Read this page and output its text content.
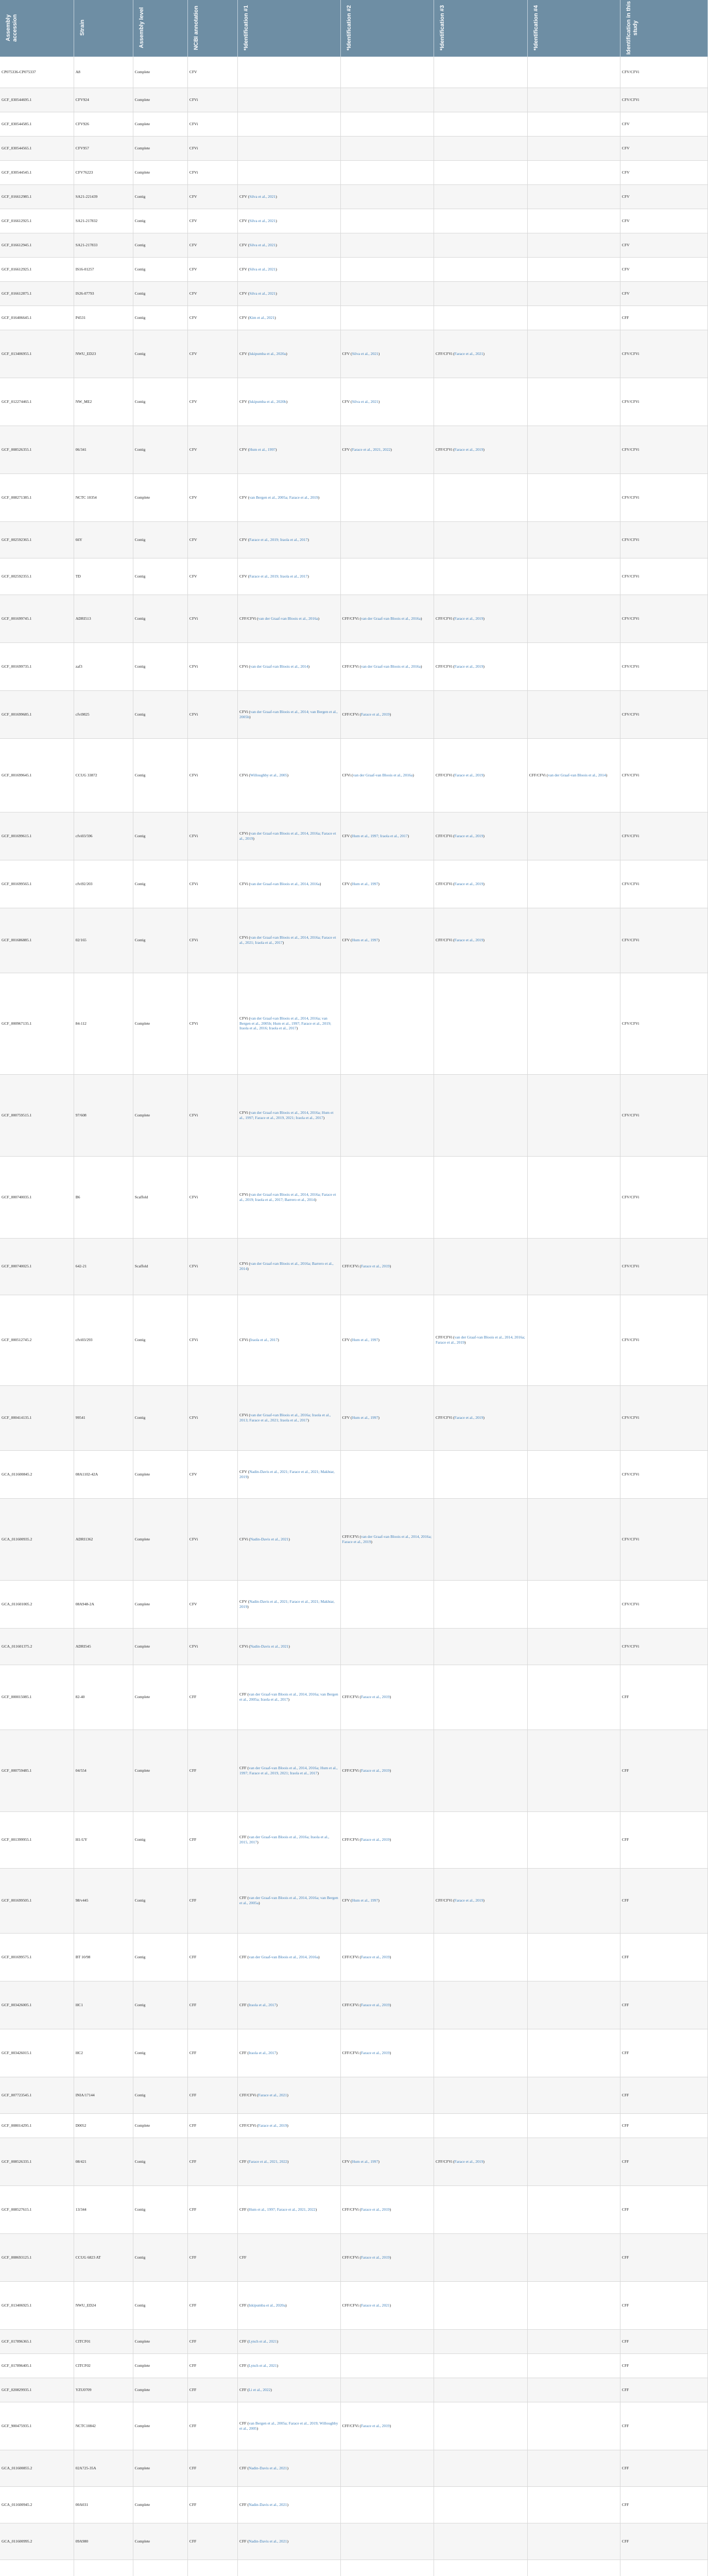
Assembly accession	Strain	Assembly level	NCBI annotation	*Identification #1	*Identification #2	*Identification #3	*Identification #4	Identification in this study

CP075336-CP075337	A8	Complete	CFV					CFV/CFVi
GCF_030544695.1	CFV924	Complete	CFVi					CFV/CFVi
GCF_030544585.1	CFV926	Complete	CFVi					CFV
GCF_030544565.1	CFV957	Complete	CFVi					CFV
GCF_030544545.1	CFV76223	Complete	CFVi					CFV
GCF_016612985.1	SA21-221439	Contig	CFV	CFV (Silva et al., 2021)				CFV
GCF_016612925.1	SA21-217832	Contig	CFV	CFV (Silva et al., 2021)				CFV
GCF_016612945.1	SA21-217833	Contig	CFV	CFV (Silva et al., 2021)				CFV
GCF_016612925.1	IS16-01257	Contig	CFV	CFV (Silva et al., 2021)				CFV
GCF_016612875.1	IS26-07793	Contig	CFV	CFV (Silva et al., 2021)				CFV
GCF_016406645.1	P4531	Contig	CFV	CFV (Kim et al., 2021)				CFF
GCF_013406955.1	NWU_ED23	Contig	CFV	CFV (Iskipumba et al., 2020a)	CFV (Silva et al., 2021)	CFF/CFVi (Farace et al., 2021)		CFV/CFVi
GCF_012274465.1	NW_ME2	Contig	CFV	CFV (Iskipumba et al., 2020b)	CFV (Silva et al., 2021)			CFV/CFVi
GCF_008526355.1	06/341	Contig	CFV	CFV (Hum et al., 1997)	CFV (Farace et al., 2021, 2022)	CFF/CFVi (Farace et al., 2019)		CFV/CFVi
GCF_008271385.1	NCTC 10354	Complete	CFV	CFV (van Bergen et al., 2005a; Farace et al., 2019)				CFV/CFVi
GCF_002592365.1	66Y	Contig	CFV	CFV (Farace et al., 2019; Iraola et al., 2017)				CFV/CFVi
GCF_002592355.1	TD	Contig	CFV	CFV (Farace et al., 2019; Iraola et al., 2017)				CFV/CFVi
GCF_001699745.1	ADRI513	Contig	CFVi	CFF/CFVi (van der Graaf-van Bloois et al., 2016a)	CFF/CFVi (van der Graaf-van Bloois et al., 2016a)	CFF/CFVi (Farace et al., 2019)		CFV/CFVi
GCF_001699735.1	zaf3	Contig	CFVi	CFVi (van der Graaf-van Bloois et al., 2014)	CFF/CFVi (van der Graaf-van Bloois et al., 2016a)	CFF/CFVi (Farace et al., 2019)		CFV/CFVi
GCF_001699685.1	cfvi9825	Contig	CFVi	CFVi (van der Graaf-van Bloois et al., 2014; van Bergen et al., 2005b)	CFF/CFVi (Farace et al., 2019)			CFV/CFVi
GCF_001699645.1	CCUG 33872	Contig	CFVi	CFVi (Willoughby et al., 2005)	CFVi (van der Graaf-van Bloois et al., 2016a)	CFF/CFVi (Farace et al., 2019)	CFF/CFVi (van der Graaf-van Bloois et al., 2014)	CFV/CFVi
GCF_001699615.1	cfvi03/596	Contig	CFVi	CFVi (van der Graaf-van Bloois et al., 2014, 2016a; Farace et al., 2019)	CFV (Hum et al., 1997; Iraola et al., 2017)	CFF/CFVi (Farace et al., 2019)		CFV/CFVi
GCF_001699565.1	cfvi92/203	Contig	CFVi	CFVi (van der Graaf-van Bloois et al., 2014, 2016a)	CFV (Hum et al., 1997)	CFF/CFVi (Farace et al., 2019)		CFV/CFVi
GCF_001686885.1	02/165	Contig	CFVi	CFVi (van der Graaf-van Bloois et al., 2014, 2016a; Farace et al., 2021; Iraola et al., 2017)	CFV (Hum et al., 1997)	CFF/CFVi (Farace et al., 2019)		CFV/CFVi
GCF_000967135.1	84-112	Complete	CFVi	CFVi (van der Graaf-van Bloois et al., 2014, 2016a; van Bergen et al., 2005b; Hum et al., 1997; Farace et al., 2019; Iraola et al., 2016; Iraola et al., 2017)				CFV/CFVi
GCF_000759515.1	97/608	Complete	CFVi	CFVi (van der Graaf-van Bloois et al., 2014, 2016a; Hum et al., 1997; Farace et al., 2019, 2021; Iraola et al., 2017)				CFV/CFVi
GCF_000740035.1	B6	Scaffold	CFVi	CFVi (van der Graaf-van Bloois et al., 2014, 2016a; Farace et al., 2019; Iraola et al., 2017; Barrero et al., 2014)				CFV/CFVi
GCF_000740025.1	642-21	Scaffold	CFVi	CFVi (van der Graaf-van Bloois et al., 2016a; Barrero et al., 2014)	CFF/CFVi (Farace et al., 2019)			CFV/CFVi
GCF_000512745.2	cfvi03/293	Contig	CFVi	CFVi (Iraola et al., 2017)	CFV (Hum et al., 1997)	CFF/CFVi (van der Graaf-van Bloois et al., 2014, 2016a; Farace et al., 2019)		CFV/CFVi
GCF_000414135.1	99541	Contig	CFVi	CFVi (van der Graaf-van Bloois et al., 2016a; Iraola et al., 2013; Farace et al., 2021; Iraola et al., 2017)	CFV (Hum et al., 1997)	CFF/CFVi (Farace et al., 2019)		CFV/CFVi
GCA_011600845.2	08A1102-42A	Complete	CFV	CFV (Nadin-Davis et al., 2021; Farace et al., 2021; Makhtar, 2019)				CFV/CFVi
GCA_011600935.2	ADRI1362	Complete	CFVi	CFVi (Nadin-Davis et al., 2021)	CFF/CFVi (van der Graaf-van Bloois et al., 2014, 2016a; Farace et al., 2019)			CFV/CFVi
GCA_011601005.2	08A948-2A	Complete	CFV	CFV (Nadin-Davis et al., 2021; Farace et al., 2021; Makhtar, 2019)				CFV/CFVi
GCA_011601375.2	ADRI545	Complete	CFVi	CFVi (Nadin-Davis et al., 2021)				CFV/CFVi
GCF_000015085.1	82-40	Complete	CFF	CFF (van der Graaf-van Bloois et al., 2014, 2016a; van Bergen et al., 2005a; Iraola et al., 2017)	CFF/CFVi (Farace et al., 2019)			CFF
GCF_000759485.1	04/554	Complete	CFF	CFF (van der Graaf-van Bloois et al., 2014, 2016a; Hum et al., 1997; Farace et al., 2019, 2021; Iraola et al., 2017)	CFF/CFVi (Farace et al., 2019)			CFF
GCF_001399955.1	H1-UY	Contig	CFF	CFF (van der Graaf-van Bloois et al., 2016a; Iraola et al., 2015, 2017)	CFF/CFVi (Farace et al., 2019)			CFF
GCF_001699505.1	98/v445	Contig	CFF	CFF (van der Graaf-van Bloois et al., 2014, 2016a; van Bergen et al., 2005a)	CFV (Hum et al., 1997)	CFF/CFVi (Farace et al., 2019)		CFF
GCF_001699575.1	BT 10/98	Contig	CFF	CFF (van der Graaf-van Bloois et al., 2014, 2016a)	CFF/CFVi (Farace et al., 2019)			CFF
GCF_003426005.1	HC1	Contig	CFF	CFF (Iraola et al., 2017)	CFF/CFVi (Farace et al., 2019)			CFF
GCF_003426015.1	HC2	Contig	CFF	CFF (Iraola et al., 2017)	CFF/CFVi (Farace et al., 2019)			CFF
GCF_007723545.1	INIA/17144	Contig	CFF	CFF/CFVi (Farace et al., 2021)				CFF
GCF_008014295.1	D0052	Complete	CFF	CFF/CFVi (Farace et al., 2019)				CFF
GCF_008526335.1	08/421	Contig	CFF	CFF (Farace et al., 2021, 2022)	CFV (Hum et al., 1997)	CFF/CFVi (Farace et al., 2019)		CFF
GCF_008527615.1	13/344	Contig	CFF	CFF (Hum et al., 1997; Farace et al., 2021, 2022)	CFF/CFVi (Farace et al., 2019)			CFF
GCF_008693125.1	CCUG 6823 AT	Contig	CFF	CFF	CFF/CFVi (Farace et al., 2019)			CFF
GCF_013406925.1	NWU_ED24	Contig	CFF	CFF (Iskipumba et al., 2020a)	CFF/CFVi (Farace et al., 2021)			CFF
GCF_017896365.1	CITCF01	Complete	CFF	CFF (Lynch et al., 2021)				CFF
GCF_017896405.1	CITCF02	Complete	CFF	CFF (Lynch et al., 2021)				CFF
GCF_020829935.1	YZU0709	Complete	CFF	CFF (Li et al., 2022)				CFF
GCF_900475935.1	NCTC10842	Complete	CFF	CFF (van Bergen et al., 2005a; Farace et al., 2019; Willoughby et al., 2005)	CFF/CFVi (Farace et al., 2019)			CFF
GCA_011600855.2	02A725-35A	Complete	CFF	CFF (Nadin-Davis et al., 2021)				CFF
GCA_011600945.2	00A031	Complete	CFF	CFF (Nadin-Davis et al., 2021)				CFF
GCA_011600995.2	09A980	Complete	CFF	CFF (Nadin-Davis et al., 2021)				CFF
